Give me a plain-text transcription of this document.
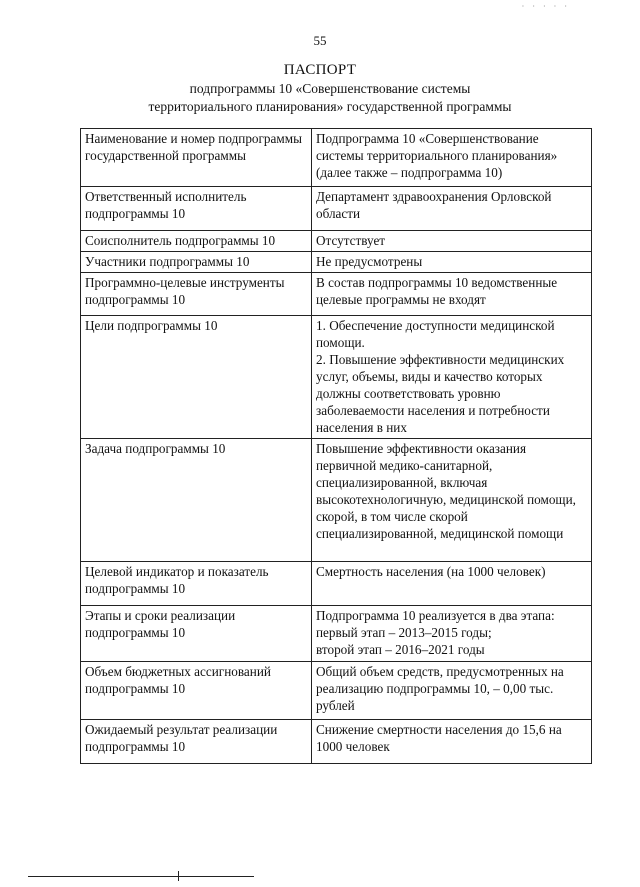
· · · · ·
55
ПАСПОРТ
подпрограммы 10 «Совершенствование системы
территориального планирования» государственной программы
Наименование и номер подпрограммы государственной программы	Подпрограмма 10 «Совершенствование системы территориального планирования» (далее также – подпрограмма 10)
Ответственный исполнитель подпрограммы 10	Департамент здравоохранения Орловской области
Соисполнитель подпрограммы 10	Отсутствует
Участники подпрограммы 10	Не предусмотрены
Программно-целевые инструменты подпрограммы 10	В состав подпрограммы 10 ведомственные целевые программы не входят
Цели подпрограммы 10	1. Обеспечение доступности медицинской помощи.
2. Повышение эффективности медицинских услуг, объемы, виды и качество которых должны соответствовать уровню заболеваемости населения и потребности населения в них

Задача подпрограммы 10	Повышение эффективности оказания первичной медико-санитарной, специализированной, включая высокотехнологичную, медицинской помощи, скорой, в том числе скорой специализированной, медицинской помощи
Целевой индикатор и показатель подпрограммы 10	Смертность населения (на 1000 человек)
Этапы и сроки реализации подпрограммы 10	Подпрограмма 10 реализуется в два этапа:
первый этап – 2013–2015 годы;
второй этап – 2016–2021 годы

Объем бюджетных ассигнований подпрограммы 10	Общий объем средств, предусмотренных на реализацию подпрограммы 10, – 0,00 тыс. рублей
Ожидаемый результат реализации подпрограммы 10	Снижение смертности населения до 15,6 на 1000 человек
